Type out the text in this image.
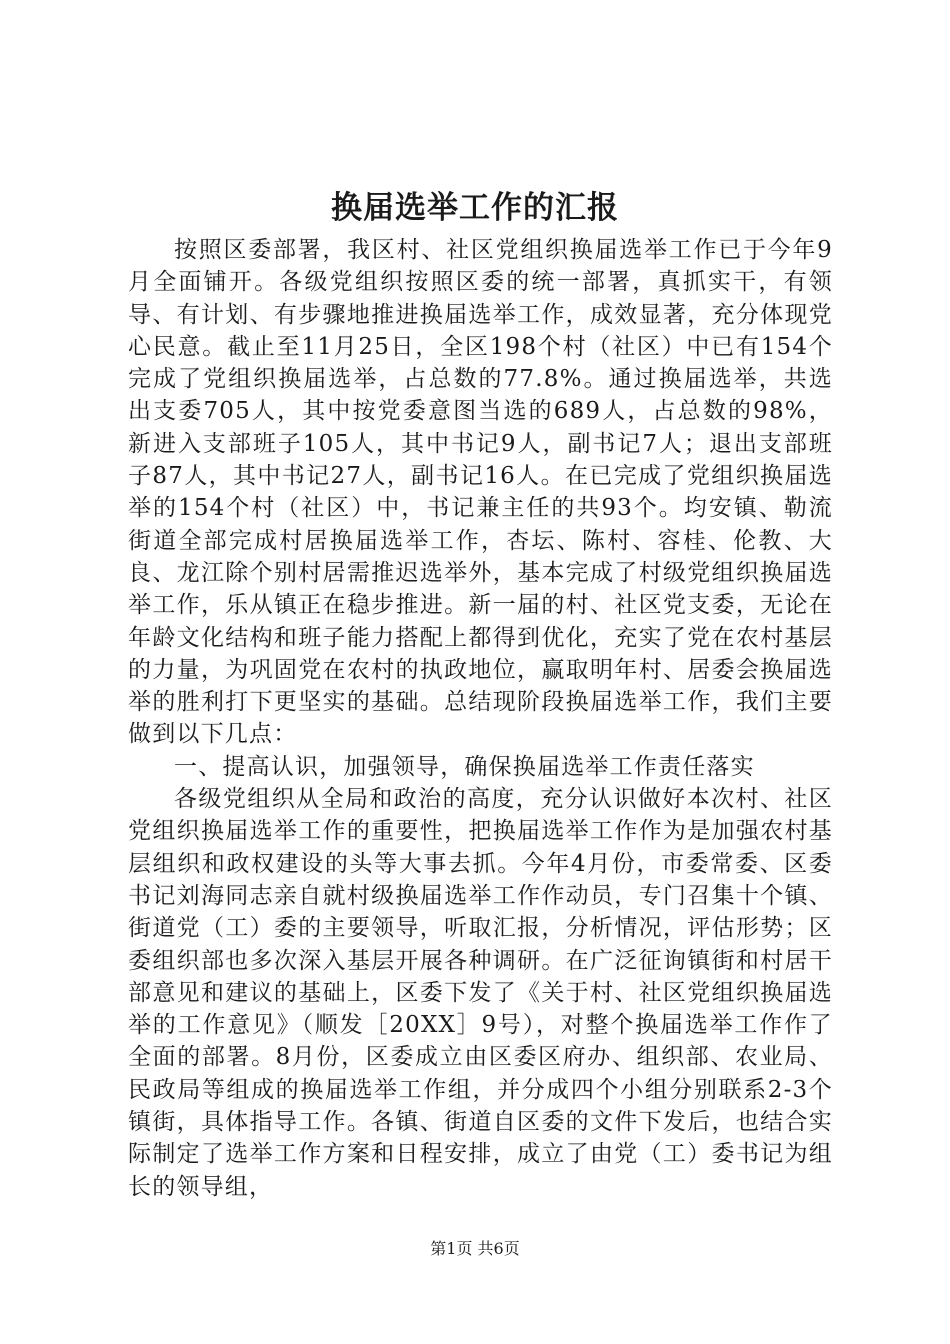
换届选举工作的汇报

按照区委部署，我区村、社区党组织换届选举工作已于今年9月全面铺开。各级党组织按照区委的统一部署，真抓实干，有领导、有计划、有步骤地推进换届选举工作，成效显著，充分体现党心民意。截止至11月25日，全区198个村（社区）中已有154个完成了党组织换届选举，占总数的77.8%。通过换届选举，共选出支委705人，其中按党委意图当选的689人，占总数的98%，新进入支部班子105人，其中书记9人，副书记7人；退出支部班子87人，其中书记27人，副书记16人。在已完成了党组织换届选举的154个村（社区）中，书记兼主任的共93个。均安镇、勒流街道全部完成村居换届选举工作，杏坛、陈村、容桂、伦教、大良、龙江除个别村居需推迟选举外，基本完成了村级党组织换届选举工作，乐从镇正在稳步推进。新一届的村、社区党支委，无论在年龄文化结构和班子能力搭配上都得到优化，充实了党在农村基层的力量，为巩固党在农村的执政地位，赢取明年村、居委会换届选举的胜利打下更坚实的基础。总结现阶段换届选举工作，我们主要做到以下几点：

一、提高认识，加强领导，确保换届选举工作责任落实

各级党组织从全局和政治的高度，充分认识做好本次村、社区党组织换届选举工作的重要性，把换届选举工作作为是加强农村基层组织和政权建设的头等大事去抓。今年4月份，市委常委、区委书记刘海同志亲自就村级换届选举工作作动员，专门召集十个镇、街道党（工）委的主要领导，听取汇报，分析情况，评估形势；区委组织部也多次深入基层开展各种调研。在广泛征询镇街和村居干部意见和建议的基础上，区委下发了《关于村、社区党组织换届选举的工作意见》（顺发［20XX］9号），对整个换届选举工作作了全面的部署。8月份，区委成立由区委区府办、组织部、农业局、民政局等组成的换届选举工作组，并分成四个小组分别联系2-3个镇街，具体指导工作。各镇、街道自区委的文件下发后，也结合实际制定了选举工作方案和日程安排，成立了由党（工）委书记为组长的领导组，

第1页 共6页
